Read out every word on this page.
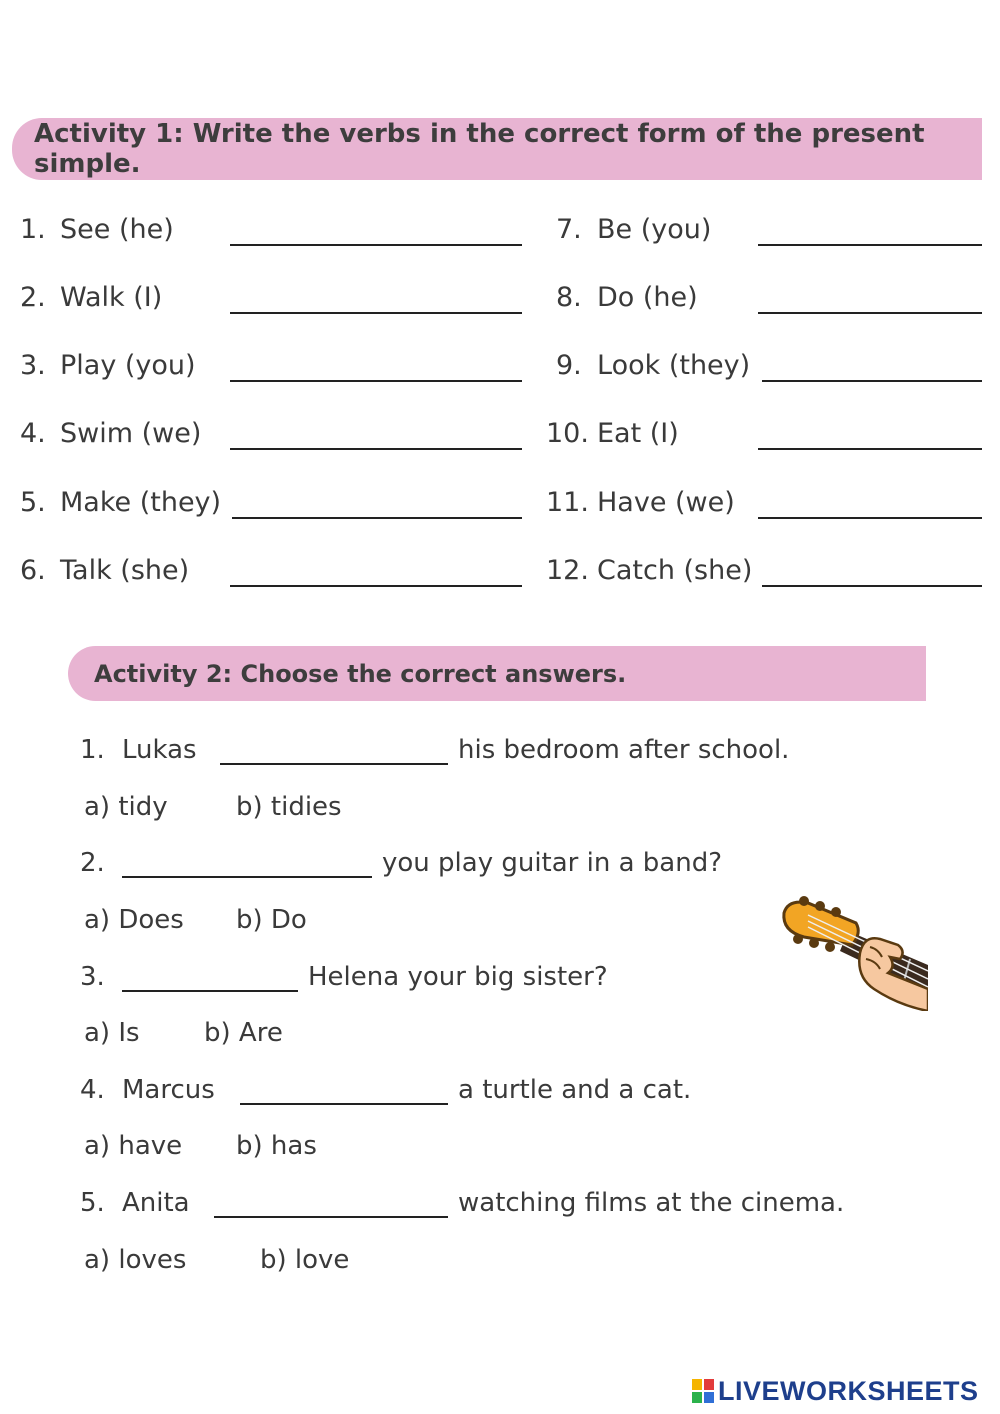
Activity 1: Write the verbs in the correct form of the present simple.
1. See (he)
2. Walk (I)
3. Play (you)
4. Swim (we)
5. Make (they)
6. Talk (she)
7. Be (you)
8. Do (he)
9. Look (they)
10. Eat (I)
11. Have (we)
12. Catch (she)
Activity 2: Choose the correct answers.
1. Lukas	his bedroom after school.
a) tidy	b) tidies
2.	you play guitar in a band?
a) Does b) Do
3.	Helena your big sister?
a) Is b) Are
4. Marcus	a turtle and a cat.
a) have b) has
5. Anita	watching films at the cinema.
a) loves	b) love
LIVEWORKSHEETS
